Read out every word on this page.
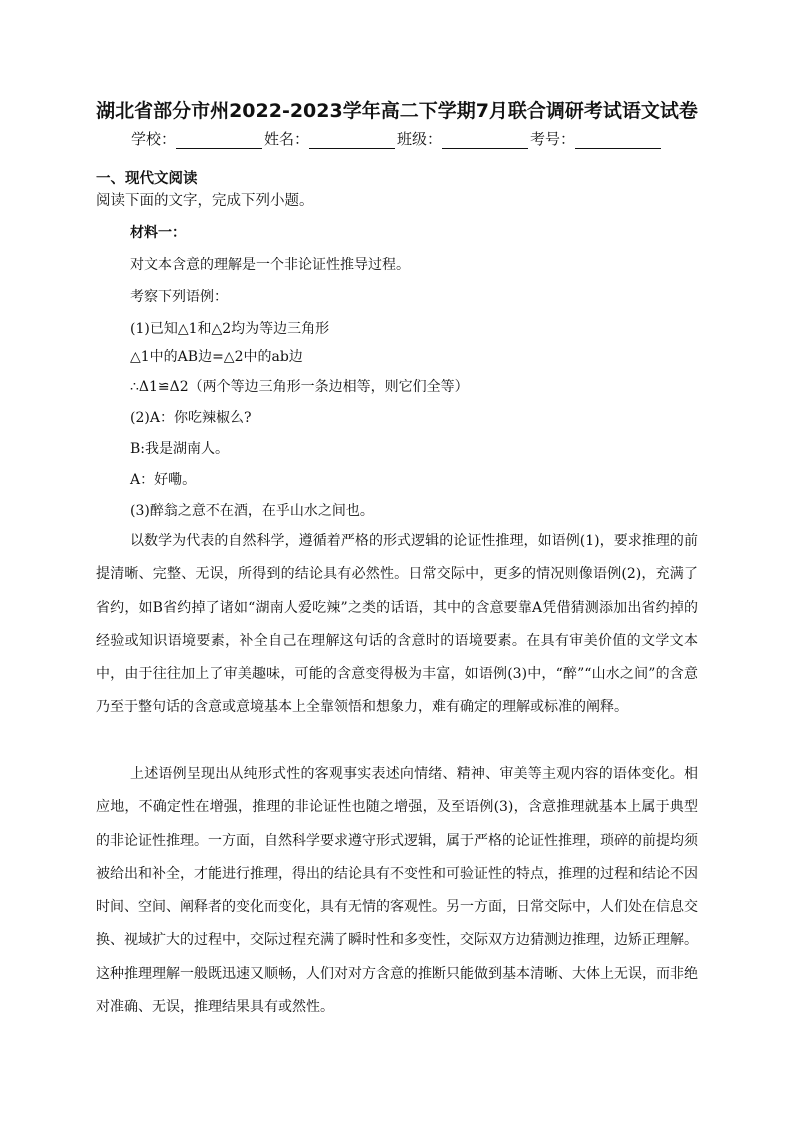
湖北省部分市州2022-2023学年高二下学期7月联合调研考试语文试卷
学校：	姓名：	班级：	考号：
一、现代文阅读
阅读下面的文字，完成下列小题。
材料一：
对文本含意的理解是一个非论证性推导过程。
考察下列语例：
(1)已知△1和△2均为等边三角形
△1中的AB边=△2中的ab边
∴Δ1≌Δ2（两个等边三角形一条边相等，则它们全等）
(2)A：你吃辣椒么?
B:我是湖南人。
A：好嘞。
(3)醉翁之意不在酒，在乎山水之间也。

以数学为代表的自然科学，遵循着严格的形式逻辑的论证性推理，如语例(1)，要求推理的前提清晰、完整、无误，所得到的结论具有必然性。日常交际中，更多的情况则像语例(2)，充满了省约，如B省约掉了诸如“湖南人爱吃辣”之类的话语，其中的含意要靠A凭借猜测添加出省约掉的经验或知识语境要素，补全自己在理解这句话的含意时的语境要素。在具有审美价值的文学文本中，由于往往加上了审美趣味，可能的含意变得极为丰富，如语例(3)中，“醉”“山水之间”的含意乃至于整句话的含意或意境基本上全靠领悟和想象力，难有确定的理解或标准的阐释。

上述语例呈现出从纯形式性的客观事实表述向情绪、精神、审美等主观内容的语体变化。相应地，不确定性在增强，推理的非论证性也随之增强，及至语例(3)，含意推理就基本上属于典型的非论证性推理。一方面，自然科学要求遵守形式逻辑，属于严格的论证性推理，琐碎的前提均须被给出和补全，才能进行推理，得出的结论具有不变性和可验证性的特点，推理的过程和结论不因时间、空间、阐释者的变化而变化，具有无情的客观性。另一方面，日常交际中，人们处在信息交换、视域扩大的过程中，交际过程充满了瞬时性和多变性，交际双方边猜测边推理，边矫正理解。这种推理理解一般既迅速又顺畅，人们对对方含意的推断只能做到基本清晰、大体上无误，而非绝对准确、无误，推理结果具有或然性。
